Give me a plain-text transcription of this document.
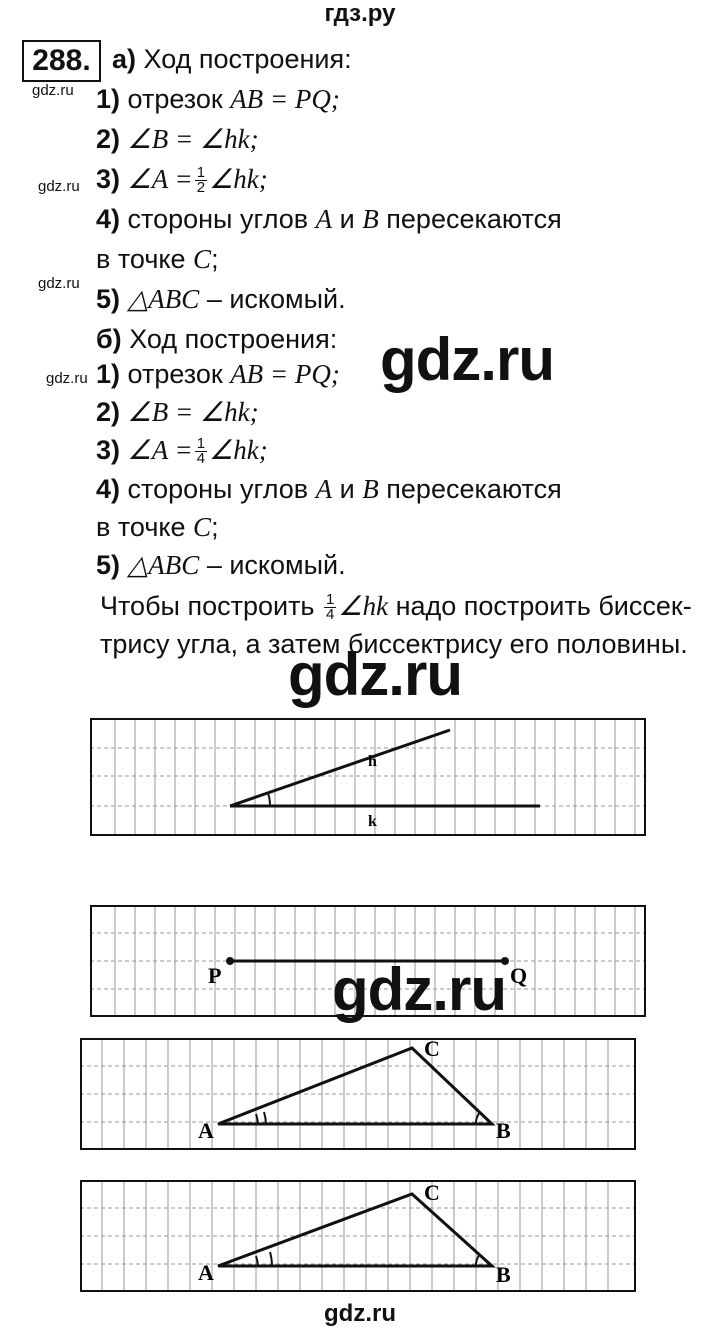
гдз.ру
288.
gdz.ru
gdz.ru
gdz.ru
gdz.ru
а) Ход построения:
1) отрезок AB = PQ;
2) ∠B = ∠hk;
3) ∠A = $\frac{1}{2}$ ∠hk;
4) стороны углов A и B пересекаются
в точке C;
5) △ABC – искомый.
б) Ход построения:
1) отрезок AB = PQ;
2) ∠B = ∠hk;
3) ∠A = $\frac{1}{4}$ ∠hk;
4) стороны углов A и B пересекаются
в точке C;
5) △ABC – искомый.
Чтобы построить $\frac{1}{4}$ ∠hk надо построить биссек-
трису угла, а затем биссектрису его половины.
gdz.ru
gdz.ru
h
k
P	Q
gdz.ru
A	B
C
A	B
C
gdz.ru
